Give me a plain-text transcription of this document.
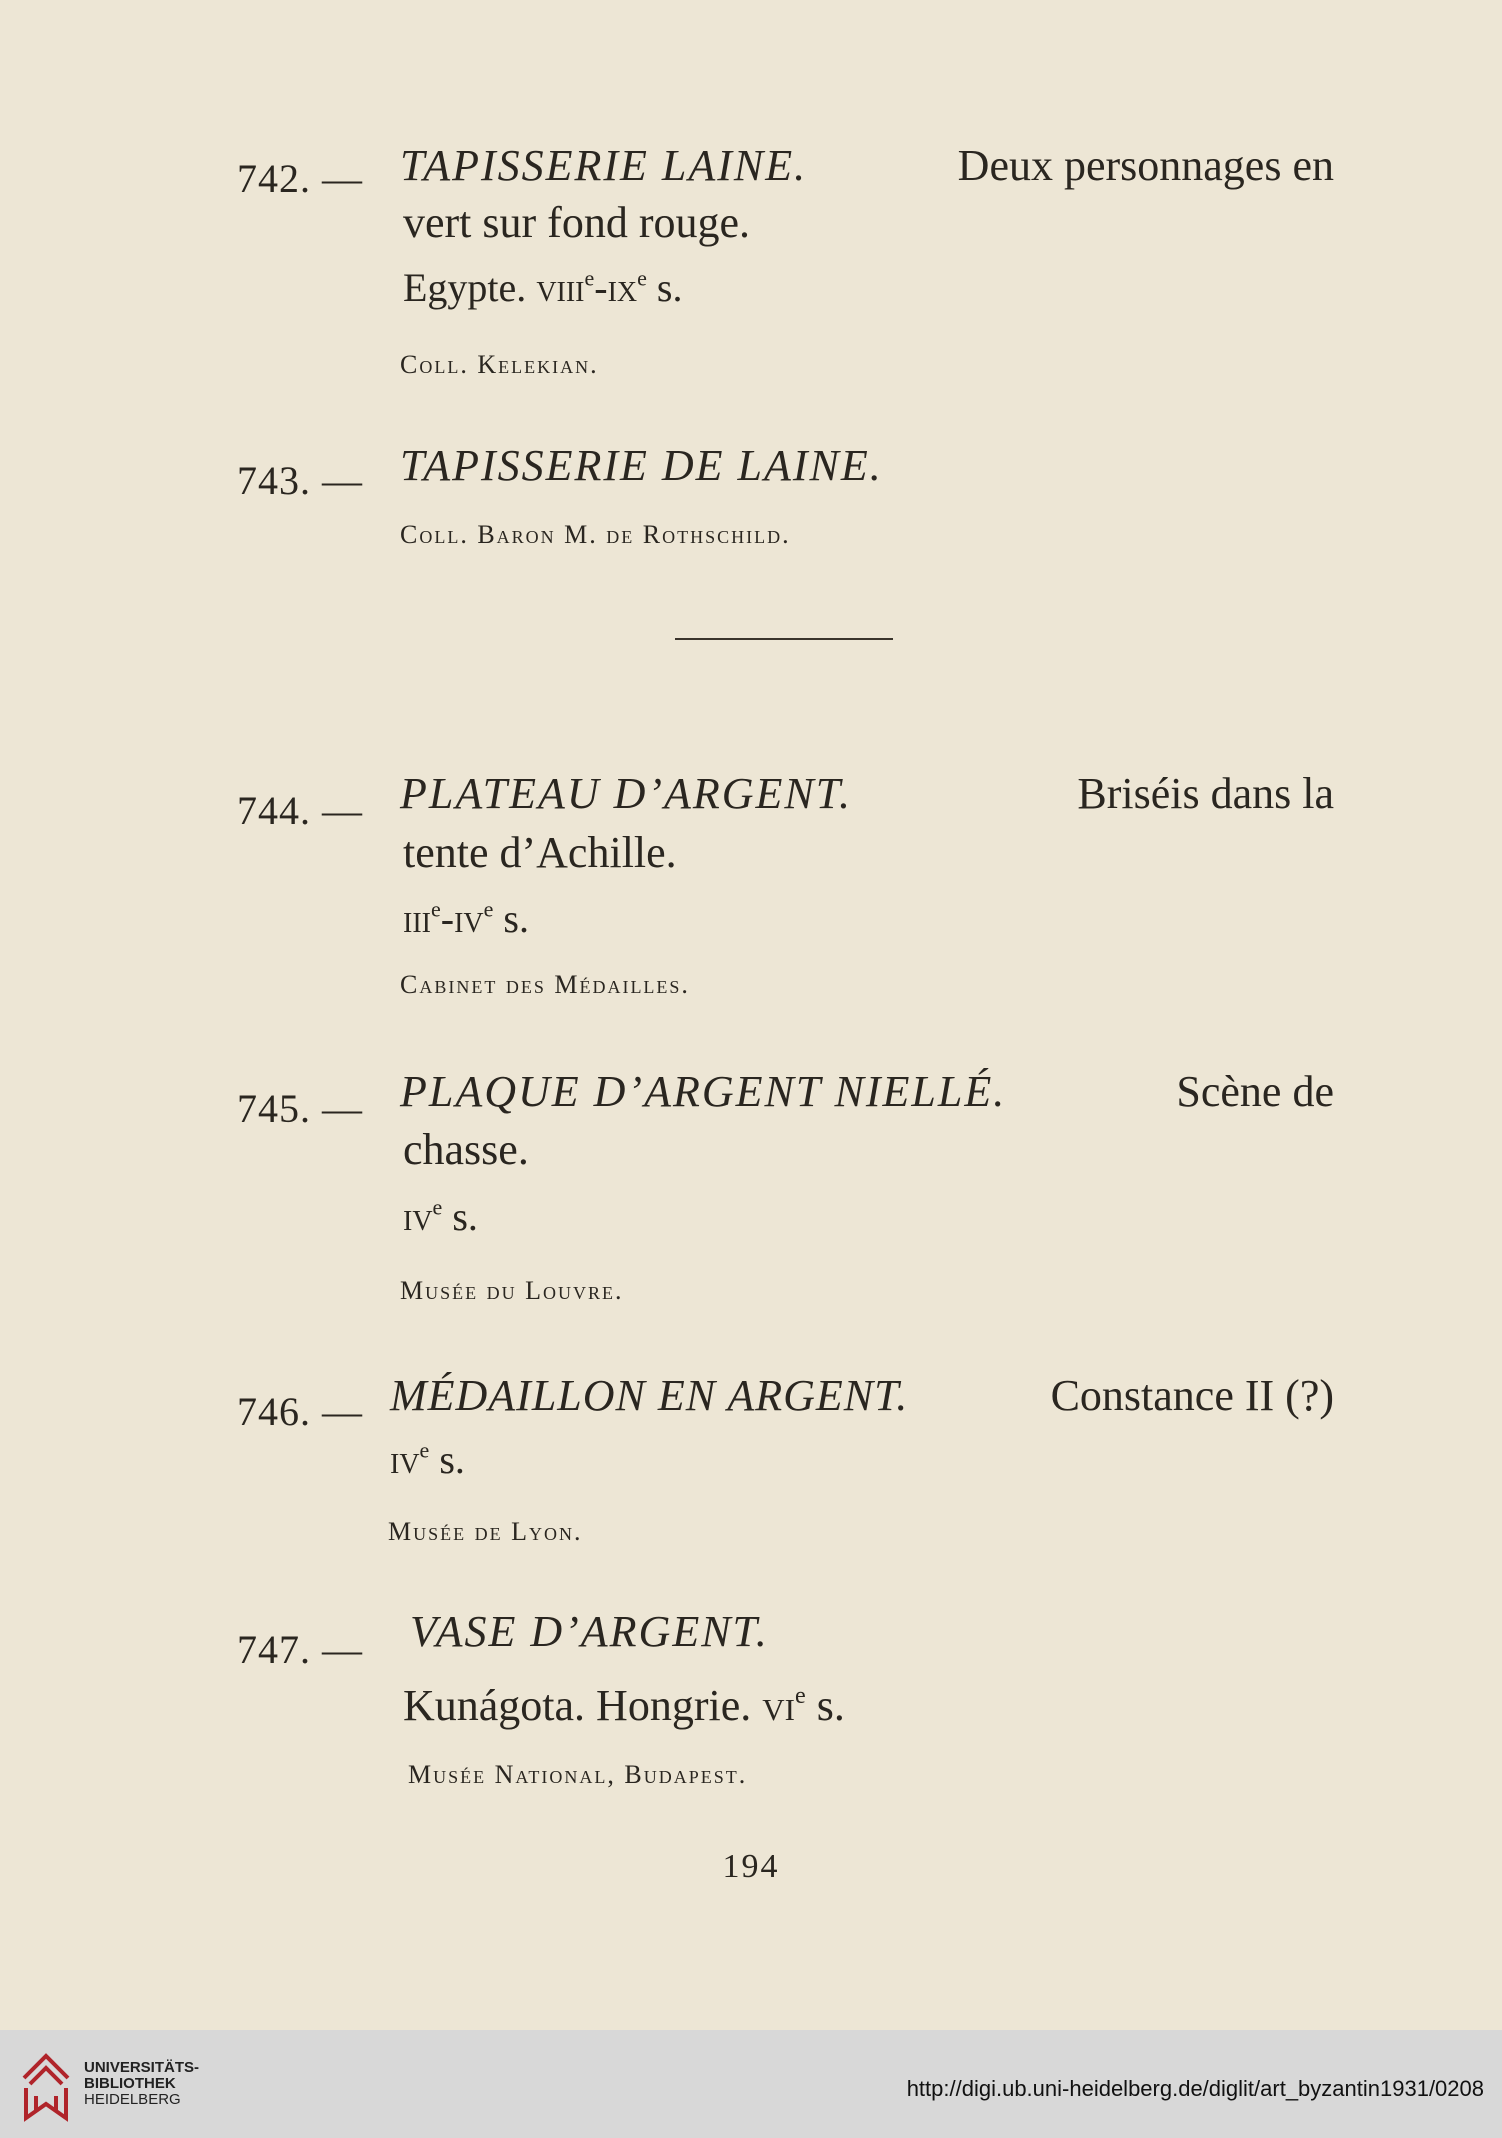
742. — TAPISSERIE LAINE.	Deux personnages en
vert sur fond rouge.
Egypte. $viii^e-ix^e$ s.
Coll. Kelekian.
743. — TAPISSERIE DE LAINE.
Coll. Baron M. de Rothschild.
744. — PLATEAU D’ARGENT.	Briséis dans la
tente d’Achille.
$iii^e-iv^e$ s.
Cabinet des Médailles.
745. — PLAQUE D’ARGENT NIELLÉ.	Scène de
chasse.
$iv^e$ s.
Musée du Louvre.
746. — MÉDAILLON EN ARGENT.	Constance II (?)
$iv^e$ s.
Musée de Lyon.
747. — VASE D’ARGENT.
Kunágota. Hongrie. $vi^e$ s.
Musée National, Budapest.
194
UNIVERSITÄTS-
BIBLIOTHEK
HEIDELBERG	http://digi.ub.uni-heidelberg.de/diglit/art_byzantin1931/0208
